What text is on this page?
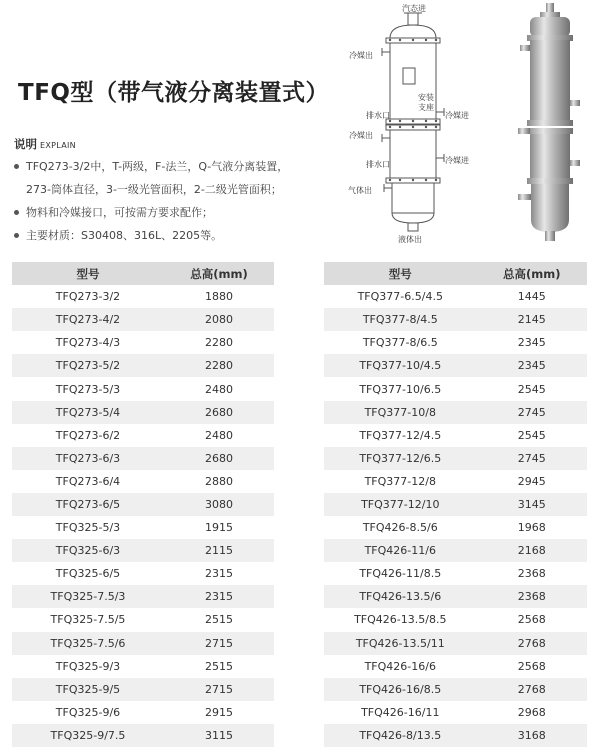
TFQ型（带气液分离装置式）
说明 EXPLAIN
TFQ273-3/2中，T-两级，F-法兰，Q-气液分离装置，
273-筒体直径，3-一级光管面积，2-二级光管面积；
物料和冷媒接口，可按需方要求配作；
主要材质：S30408、316L、2205等。
汽态进
冷媒出
安装
支座
排水口	冷媒进
冷媒出
排水口	冷媒进
气体出
液体出
型号	总高(mm)
TFQ273-3/2	1880
TFQ273-4/2	2080
TFQ273-4/3	2280
TFQ273-5/2	2280
TFQ273-5/3	2480
TFQ273-5/4	2680
TFQ273-6/2	2480
TFQ273-6/3	2680
TFQ273-6/4	2880
TFQ273-6/5	3080
TFQ325-5/3	1915
TFQ325-6/3	2115
TFQ325-6/5	2315
TFQ325-7.5/3	2315
TFQ325-7.5/5	2515
TFQ325-7.5/6	2715
TFQ325-9/3	2515
TFQ325-9/5	2715
TFQ325-9/6	2915
TFQ325-9/7.5	3115
型号	总高(mm)
TFQ377-6.5/4.5	1445
TFQ377-8/4.5	2145
TFQ377-8/6.5	2345
TFQ377-10/4.5	2345
TFQ377-10/6.5	2545
TFQ377-10/8	2745
TFQ377-12/4.5	2545
TFQ377-12/6.5	2745
TFQ377-12/8	2945
TFQ377-12/10	3145
TFQ426-8.5/6	1968
TFQ426-11/6	2168
TFQ426-11/8.5	2368
TFQ426-13.5/6	2368
TFQ426-13.5/8.5	2568
TFQ426-13.5/11	2768
TFQ426-16/6	2568
TFQ426-16/8.5	2768
TFQ426-16/11	2968
TFQ426-8/13.5	3168
